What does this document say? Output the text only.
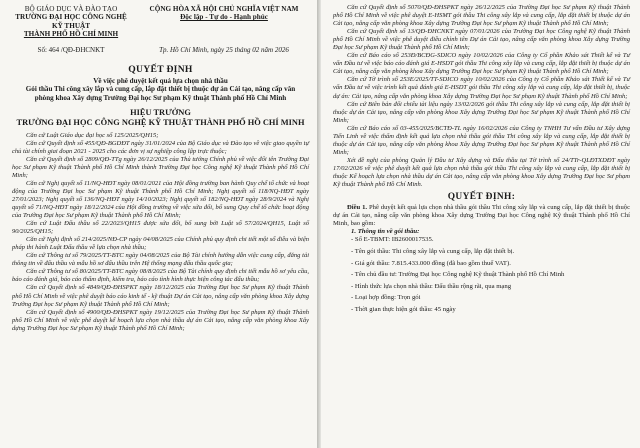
BỘ GIÁO DỤC VÀ ĐÀO TẠO
TRƯỜNG ĐẠI HỌC CÔNG NGHỆ KỸ THUẬT
THÀNH PHỐ HỒ CHÍ MINH
CỘNG HÒA XÃ HỘI CHỦ NGHĨA VIỆT NAM
Độc lập - Tự do - Hạnh phúc
Số: 464 /QĐ-ĐHCNKT	Tp. Hồ Chí Minh, ngày 25 tháng 02 năm 2026
QUYẾT ĐỊNH
Về việc phê duyệt kết quả lựa chọn nhà thầu
Gói thầu Thi công xây lắp và cung cấp, lắp đặt thiết bị thuộc dự án Cải tạo, nâng cấp văn phòng khoa Xây dựng Trường Đại học Sư phạm Kỹ thuật Thành phố Hồ Chí Minh
HIỆU TRƯỞNG
TRƯỜNG ĐẠI HỌC CÔNG NGHỆ KỸ THUẬT THÀNH PHỐ HỒ CHÍ MINH

Căn cứ Luật Giáo dục đại học số 125/2025/QH15;

Căn cứ Quyết định số 455/QĐ-BGDĐT ngày 31/01/2024 của Bộ Giáo dục và Đào tạo về việc giao quyền tự chủ tài chính giai đoạn 2021 - 2025 cho các đơn vị sự nghiệp công lập trực thuộc;

Căn cứ Quyết định số 2809/QĐ-TTg ngày 26/12/2025 của Thủ tướng Chính phủ về việc đổi tên Trường Đại học Sư phạm Kỹ thuật Thành phố Hồ Chí Minh thành Trường Đại học Công nghệ Kỹ thuật Thành phố Hồ Chí Minh;

Căn cứ Nghị quyết số 11/NQ-HĐT ngày 08/01/2021 của Hội đồng trường ban hành Quy chế tổ chức và hoạt động của Trường Đại học Sư phạm Kỹ thuật Thành phố Hồ Chí Minh; Nghị quyết số 118/NQ-HĐT ngày 27/01/2023; Nghị quyết số 136/NQ-HĐT ngày 14/10/2023; Nghị quyết số 182/NQ-HĐT ngày 28/9/2024 và Nghị quyết số 71/NQ-HĐT ngày 18/12/2024 của Hội đồng trường về việc sửa đổi, bổ sung Quy chế tổ chức hoạt động của Trường Đại học Sư phạm Kỹ thuật Thành phố Hồ Chí Minh;

Căn cứ Luật Đấu thầu số 22/2023/QH15 được sửa đổi, bổ sung bởi Luật số 57/2024/QH15, Luật số 90/2025/QH15;

Căn cứ Nghị định số 214/2025/NĐ-CP ngày 04/08/2025 của Chính phủ quy định chi tiết một số điều và biện pháp thi hành Luật Đấu thầu về lựa chọn nhà thầu;

Căn cứ Thông tư số 79/2025/TT-BTC ngày 04/08/2025 của Bộ Tài chính hướng dẫn việc cung cấp, đăng tải thông tin về đấu thầu và mẫu hồ sơ đấu thầu trên Hệ thống mạng đấu thầu quốc gia;

Căn cứ Thông tư số 80/2025/TT-BTC ngày 08/8/2025 của Bộ Tài chính quy định chi tiết mẫu hồ sơ yêu cầu, báo cáo đánh giá, báo cáo thẩm định, kiểm tra, báo cáo tình hình thực hiện công tác đấu thầu;

Căn cứ Quyết định số 4849/QĐ-ĐHSPKT ngày 18/12/2025 của Trường Đại học Sư phạm Kỹ thuật Thành phố Hồ Chí Minh về việc phê duyệt báo cáo kinh tế - kỹ thuật Dự án Cải tạo, nâng cấp văn phòng khoa Xây dựng Trường Đại học Sư phạm Kỹ thuật Thành phố Hồ Chí Minh;

Căn cứ Quyết định số 4900/QĐ-ĐHSPKT ngày 19/12/2025 của Trường Đại học Sư phạm Kỹ thuật Thành phố Hồ Chí Minh về việc phê duyệt kế hoạch lựa chọn nhà thầu dự án Cải tạo, nâng cấp văn phòng khoa Xây dựng Trường Đại học Sư phạm Kỹ thuật Thành phố Hồ Chí Minh;

Căn cứ Quyết định số 5070/QĐ-ĐHSPKT ngày 26/12/2025 của Trường Đại học Sư phạm Kỹ thuật Thành phố Hồ Chí Minh về việc phê duyệt E-HSMT gói thầu Thi công xây lắp và cung cấp, lắp đặt thiết bị thuộc dự án Cải tạo, nâng cấp văn phòng khoa Xây dựng Trường Đại học Sư phạm Kỹ thuật Thành phố Hồ Chí Minh;

Căn cứ Quyết định số 13/QĐ-ĐHCNKT ngày 07/01/2026 của Trường Đại học Công nghệ Kỹ thuật Thành phố Hồ Chí Minh về việc phê duyệt điều chỉnh tên Dự án Cải tạo, nâng cấp văn phòng khoa Xây dựng Trường Đại học Sư phạm Kỹ thuật Thành phố Hồ Chí Minh;

Căn cứ Báo cáo số 253Đ/BCĐG-SDICO ngày 10/02/2026 của Công ty Cổ phần Khảo sát Thiết kế và Tư vấn Đầu tư về việc báo cáo đánh giá E-HSDT gói thầu Thi công xây lắp và cung cấp, lắp đặt thiết bị thuộc dự án Cải tạo, nâng cấp văn phòng khoa Xây dựng Trường Đại học Sư phạm Kỹ thuật Thành phố Hồ Chí Minh;

Căn cứ Tờ trình số 253E/2025/TT-SDICO ngày 10/02/2026 của Công ty Cổ phần Khảo sát Thiết kế và Tư vấn Đầu tư về việc trình kết quả đánh giá E-HSDT gói thầu Thi công xây lắp và cung cấp, lắp đặt thiết bị, thuộc dự án: Cải tạo, nâng cấp văn phòng khoa Xây dựng Trường Đại học Sư phạm Kỹ thuật Thành phố Hồ Chí Minh;

Căn cứ Biên bản đối chiếu tài liệu ngày 13/02/2026 gói thầu Thi công xây lắp và cung cấp, lắp đặt thiết bị thuộc dự án Cải tạo, nâng cấp văn phòng khoa Xây dựng Trường Đại học Sư phạm Kỹ thuật Thành phố Hồ Chí Minh;

Căn cứ Báo cáo số 03-455/2025/BCTĐ-TL ngày 16/02/2026 của Công ty TNHH Tư vấn Đầu tư Xây dựng Tiến Linh về việc thẩm định kết quả lựa chọn nhà thầu gói thầu Thi công xây lắp và cung cấp, lắp đặt thiết bị thuộc dự án Cải tạo, nâng cấp văn phòng khoa Xây dựng Trường Đại học Sư phạm Kỹ thuật Thành phố Hồ Chí Minh;

Xét đề nghị của phòng Quản lý Đầu tư Xây dựng và Đấu thầu tại Tờ trình số 24/TTr-QLĐTXDĐT ngày 17/02/2026 về việc phê duyệt kết quả lựa chọn nhà thầu gói thầu Thi công xây lắp và cung cấp, lắp đặt thiết bị thuộc Kế hoạch lựa chọn nhà thầu dự án Cải tạo, nâng cấp văn phòng khoa Xây dựng Trường Đại học Sư phạm Kỹ thuật Thành phố Hồ Chí Minh.

QUYẾT ĐỊNH:

Điều 1. Phê duyệt kết quả lựa chọn nhà thầu gói thầu Thi công xây lắp và cung cấp, lắp đặt thiết bị thuộc dự án Cải tạo, nâng cấp văn phòng khoa Xây dựng Trường Đại học Công nghệ Kỹ thuật Thành phố Hồ Chí Minh, bao gồm:

1. Thông tin về gói thầu:

- Số E-TBMT: IB2600017535.

- Tên gói thầu: Thi công xây lắp và cung cấp, lắp đặt thiết bị.

- Giá gói thầu: 7.815.433.000 đồng (đã bao gồm thuế VAT).

- Tên chủ đầu tư: Trường Đại học Công nghệ Kỹ thuật Thành phố Hồ Chí Minh

- Hình thức lựa chọn nhà thầu: Đấu thầu rộng rãi, qua mạng

- Loại hợp đồng: Trọn gói

- Thời gian thực hiện gói thầu: 45 ngày
